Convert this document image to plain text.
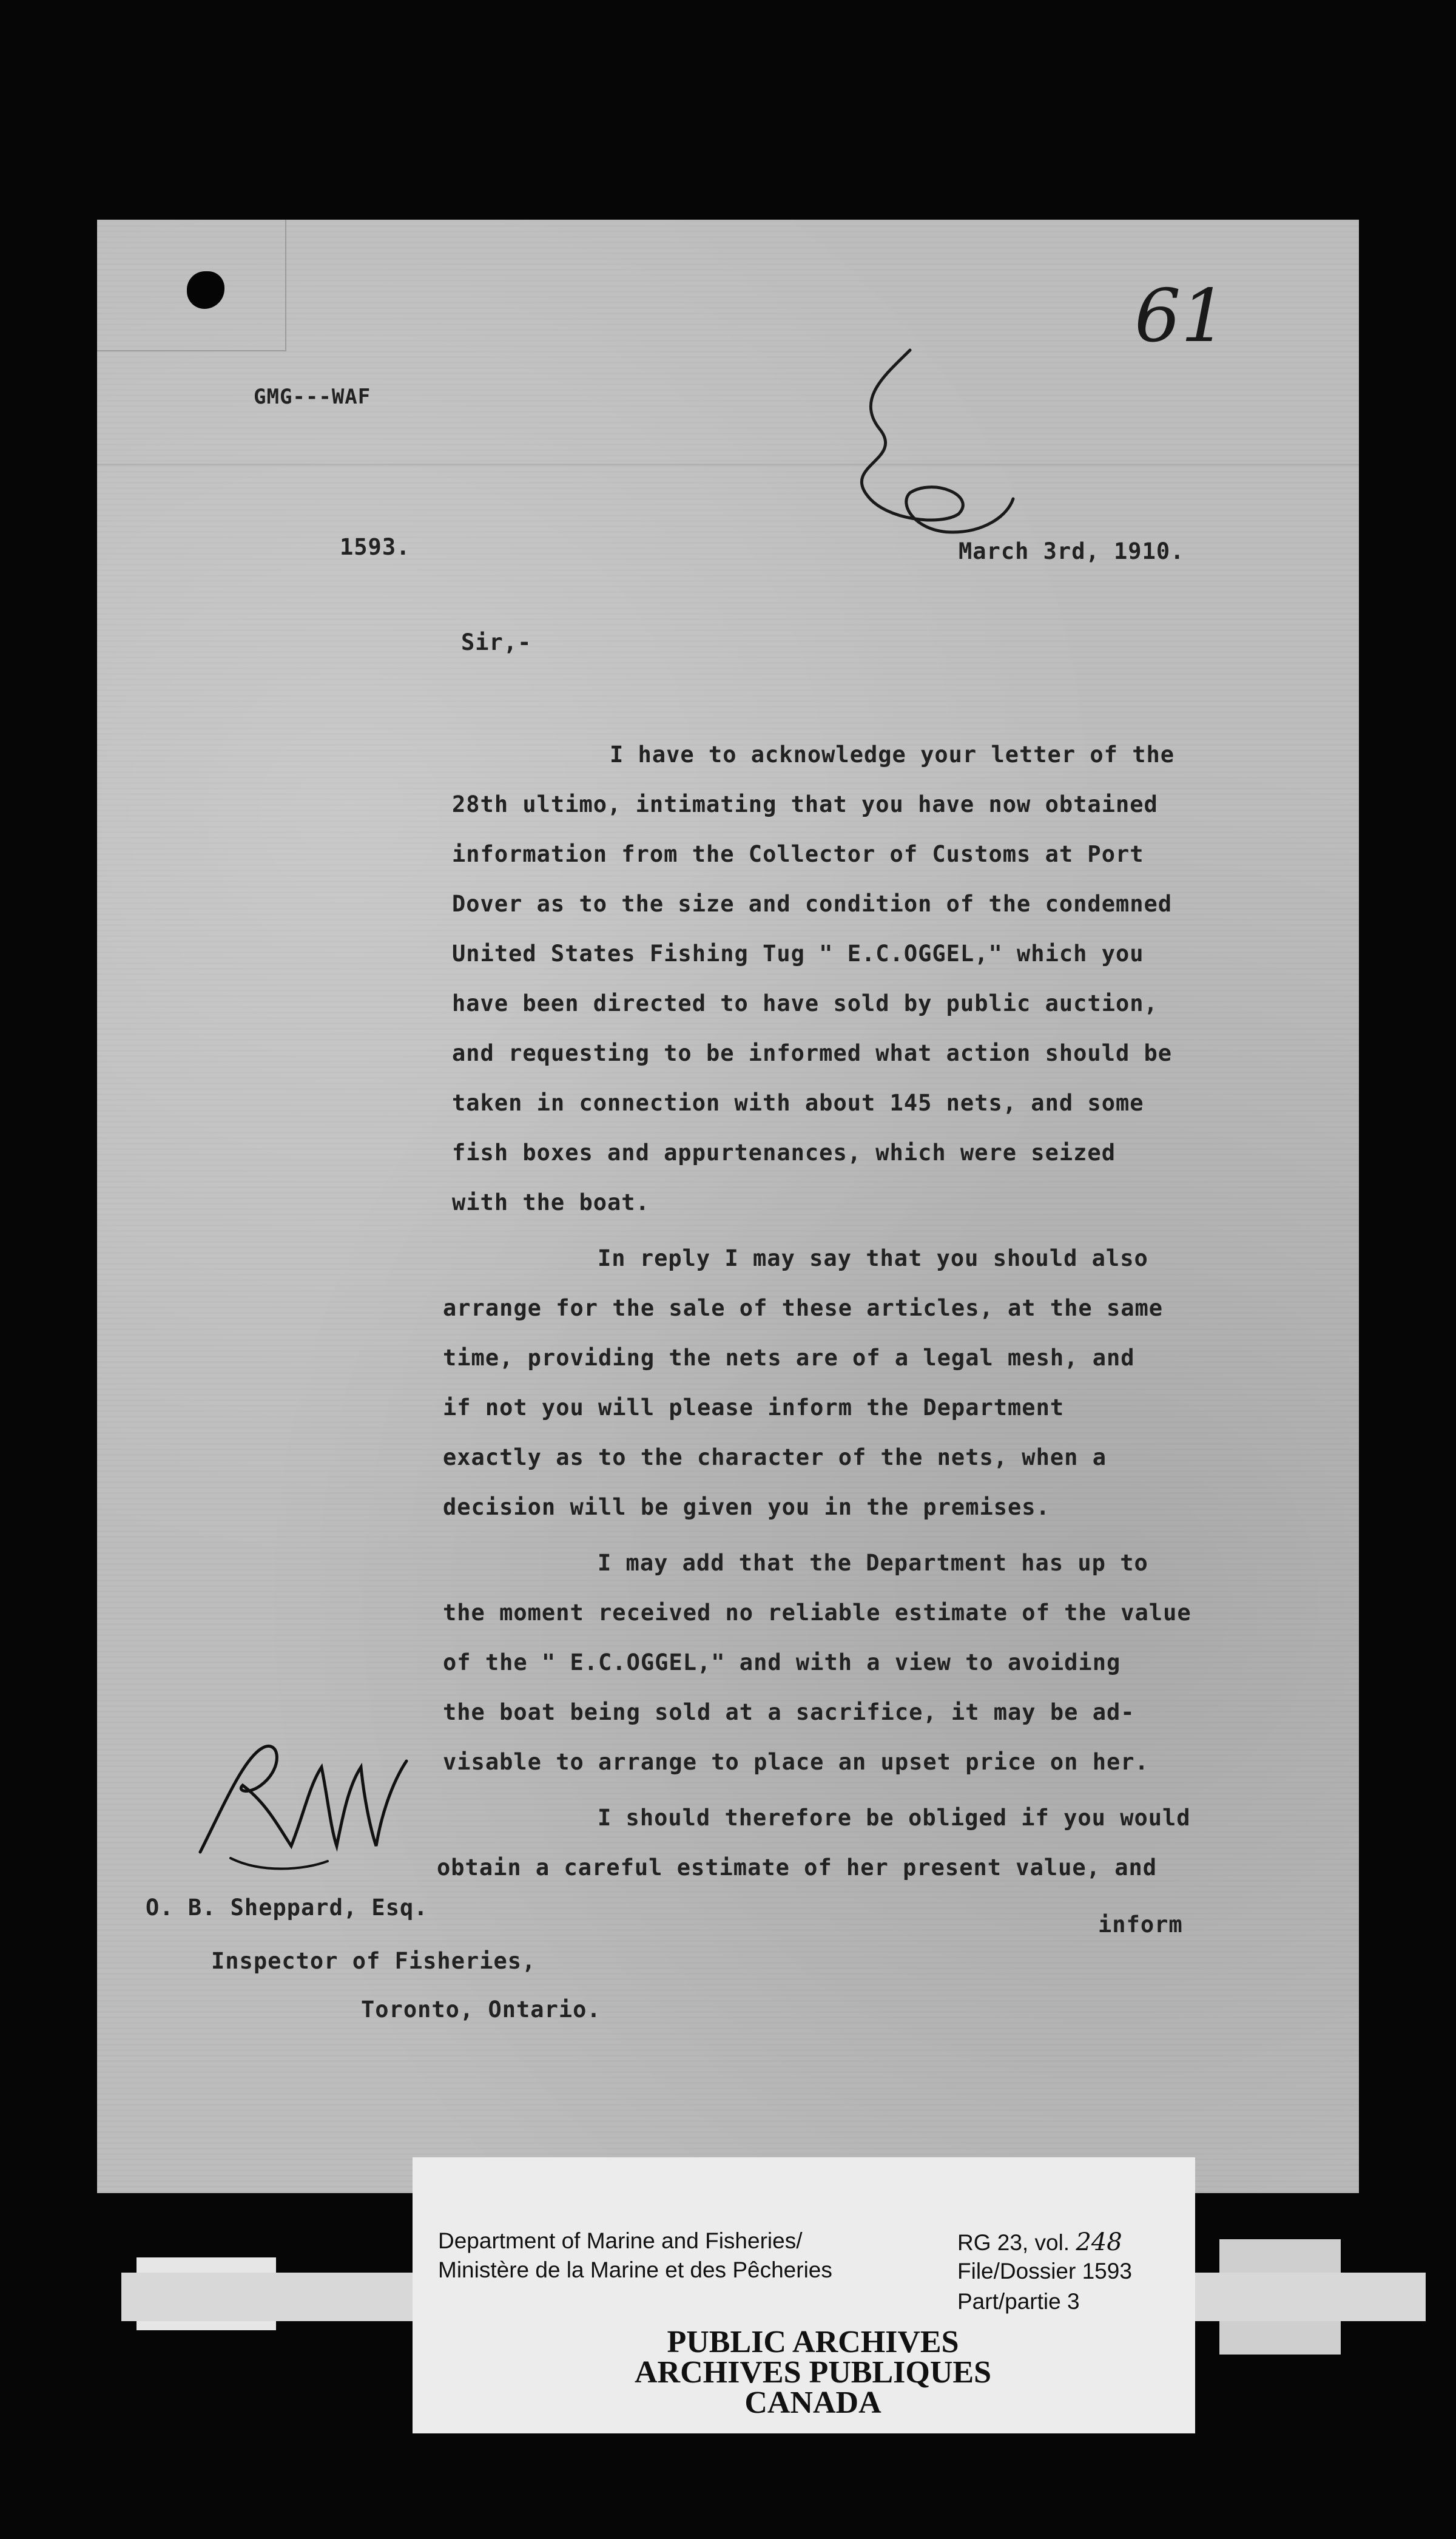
61
GMG---WAF
1593.	March 3rd, 1910.
Sir,-
I have to acknowledge your letter of the
28th ultimo, intimating that you have now obtained
information from the Collector of Customs at Port
Dover as to the size and condition of the condemned
United States Fishing Tug " E.C.OGGEL," which you
have been directed to have sold by public auction,
and requesting to be informed what action should be
taken in connection with about 145 nets, and some
fish boxes and appurtenances, which were seized
with the boat.
In reply I may say that you should also
arrange for the sale of these articles, at the same
time, providing the nets are of a legal mesh, and
if not you will please inform the Department
exactly as to the character of the nets, when a
decision will be given you in the premises.
I may add that the Department has up to
the moment received no reliable estimate of the value
of the " E.C.OGGEL," and with a view to avoiding
the boat being sold at a sacrifice, it may be ad-
visable to arrange to place an upset price on her.
I should therefore be obliged if you would
obtain a careful estimate of her present value, and
inform
O. B. Sheppard, Esq.
Inspector of Fisheries,
Toronto, Ontario.
Department of Marine and Fisheries/
Ministère de la Marine et des Pêcheries
RG 23, vol. 248
File/Dossier 1593
Part/partie 3
PUBLIC ARCHIVES
ARCHIVES PUBLIQUES
CANADA
